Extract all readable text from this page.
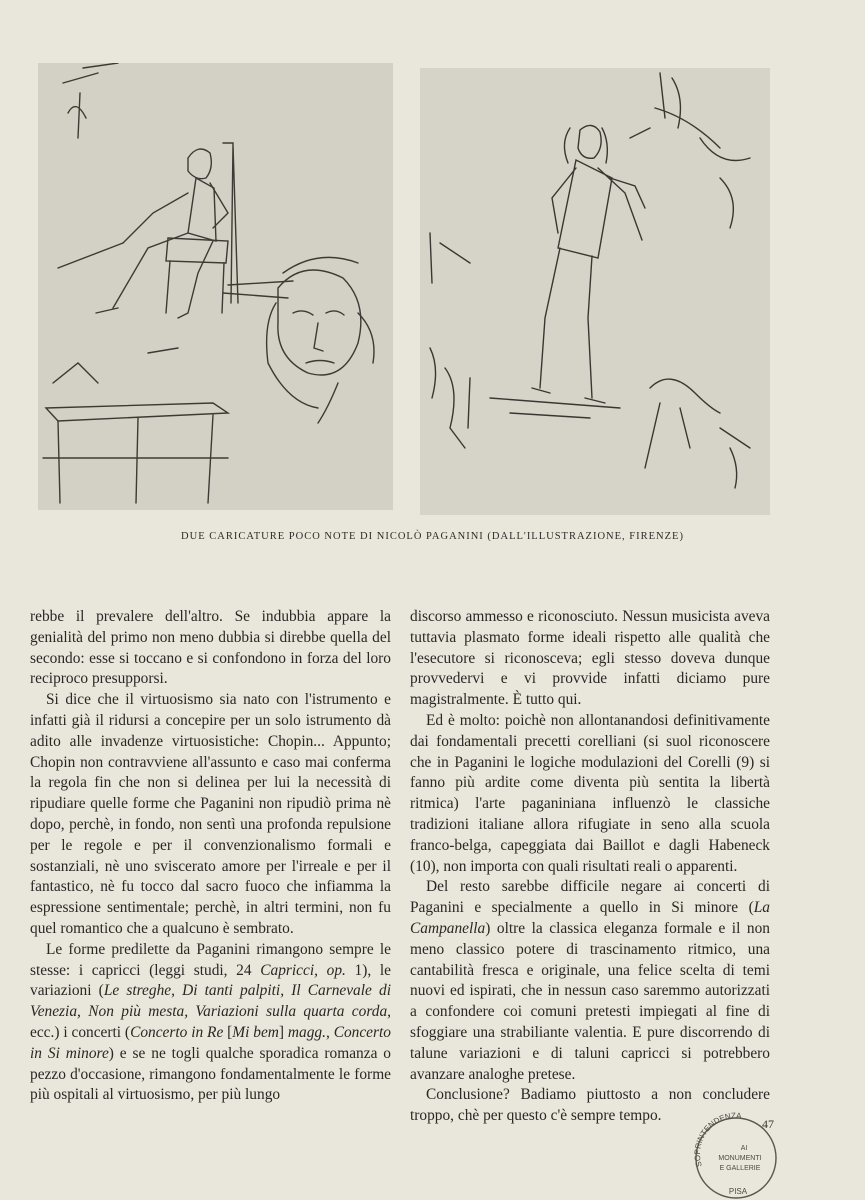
DUE CARICATURE POCO NOTE DI NICOLÒ PAGANINI (DALL'ILLUSTRAZIONE, FIRENZE)

rebbe il prevalere dell'altro. Se indubbia appare la genialità del primo non meno dubbia si direbbe quella del secondo: esse si toccano e si confondono in forza del loro reciproco presupporsi.

Si dice che il virtuosismo sia nato con l'istrumento e infatti già il ridursi a concepire per un solo istrumento dà adito alle invadenze virtuosistiche: Chopin... Appunto; Chopin non contravviene all'assunto e caso mai conferma la regola fin che non si delinea per lui la necessità di ripudiare quelle forme che Paganini non ripudiò prima nè dopo, perchè, in fondo, non sentì una profonda repulsione per le regole e per il convenzionalismo formali e sostanziali, nè uno sviscerato amore per l'irreale e per il fantastico, nè fu tocco dal sacro fuoco che infiamma la espressione sentimentale; perchè, in altri termini, non fu quel romantico che a qualcuno è sembrato.

Le forme predilette da Paganini rimangono sempre le stesse: i capricci (leggi studi, 24 Capricci, op. 1), le variazioni (Le streghe, Di tanti palpiti, Il Carnevale di Venezia, Non più mesta, Variazioni sulla quarta corda, ecc.) i concerti (Concerto in Re [Mi bem] magg., Concerto in Si minore) e se ne togli qualche sporadica romanza o pezzo d'occasione, rimangono fondamentalmente le forme più ospitali al virtuosismo, per più lungo

discorso ammesso e riconosciuto. Nessun musicista aveva tuttavia plasmato forme ideali rispetto alle qualità che l'esecutore si riconosceva; egli stesso doveva dunque provvedervi e vi provvide infatti diciamo pure magistralmente. È tutto qui.

Ed è molto: poichè non allontanandosi definitivamente dai fondamentali precetti corelliani (si suol riconoscere che in Paganini le logiche modulazioni del Corelli (9) si fanno più ardite come diventa più sentita la libertà ritmica) l'arte paganiniana influenzò le classiche tradizioni italiane allora rifugiate in seno alla scuola franco-belga, capeggiata dai Baillot e dagli Habeneck (10), non importa con quali risultati reali o apparenti.

Del resto sarebbe difficile negare ai concerti di Paganini e specialmente a quello in Si minore (La Campanella) oltre la classica eleganza formale e il non meno classico potere di trascinamento ritmico, una cantabilità fresca e originale, una felice scelta di temi nuovi ed ispirati, che in nessun caso saremmo autorizzati a confondere coi comuni pretesti impiegati al fine di sfoggiare una strabiliante valentia. E pure discorrendo di talune variazioni e di taluni capricci si potrebbero avanzare analoghe pretese.

Conclusione? Badiamo piuttosto a non concludere troppo, chè per questo c'è sempre tempo.

SOPRINTENDENZA
AI
MONUMENTI
E GALLERIE
PISA
47
